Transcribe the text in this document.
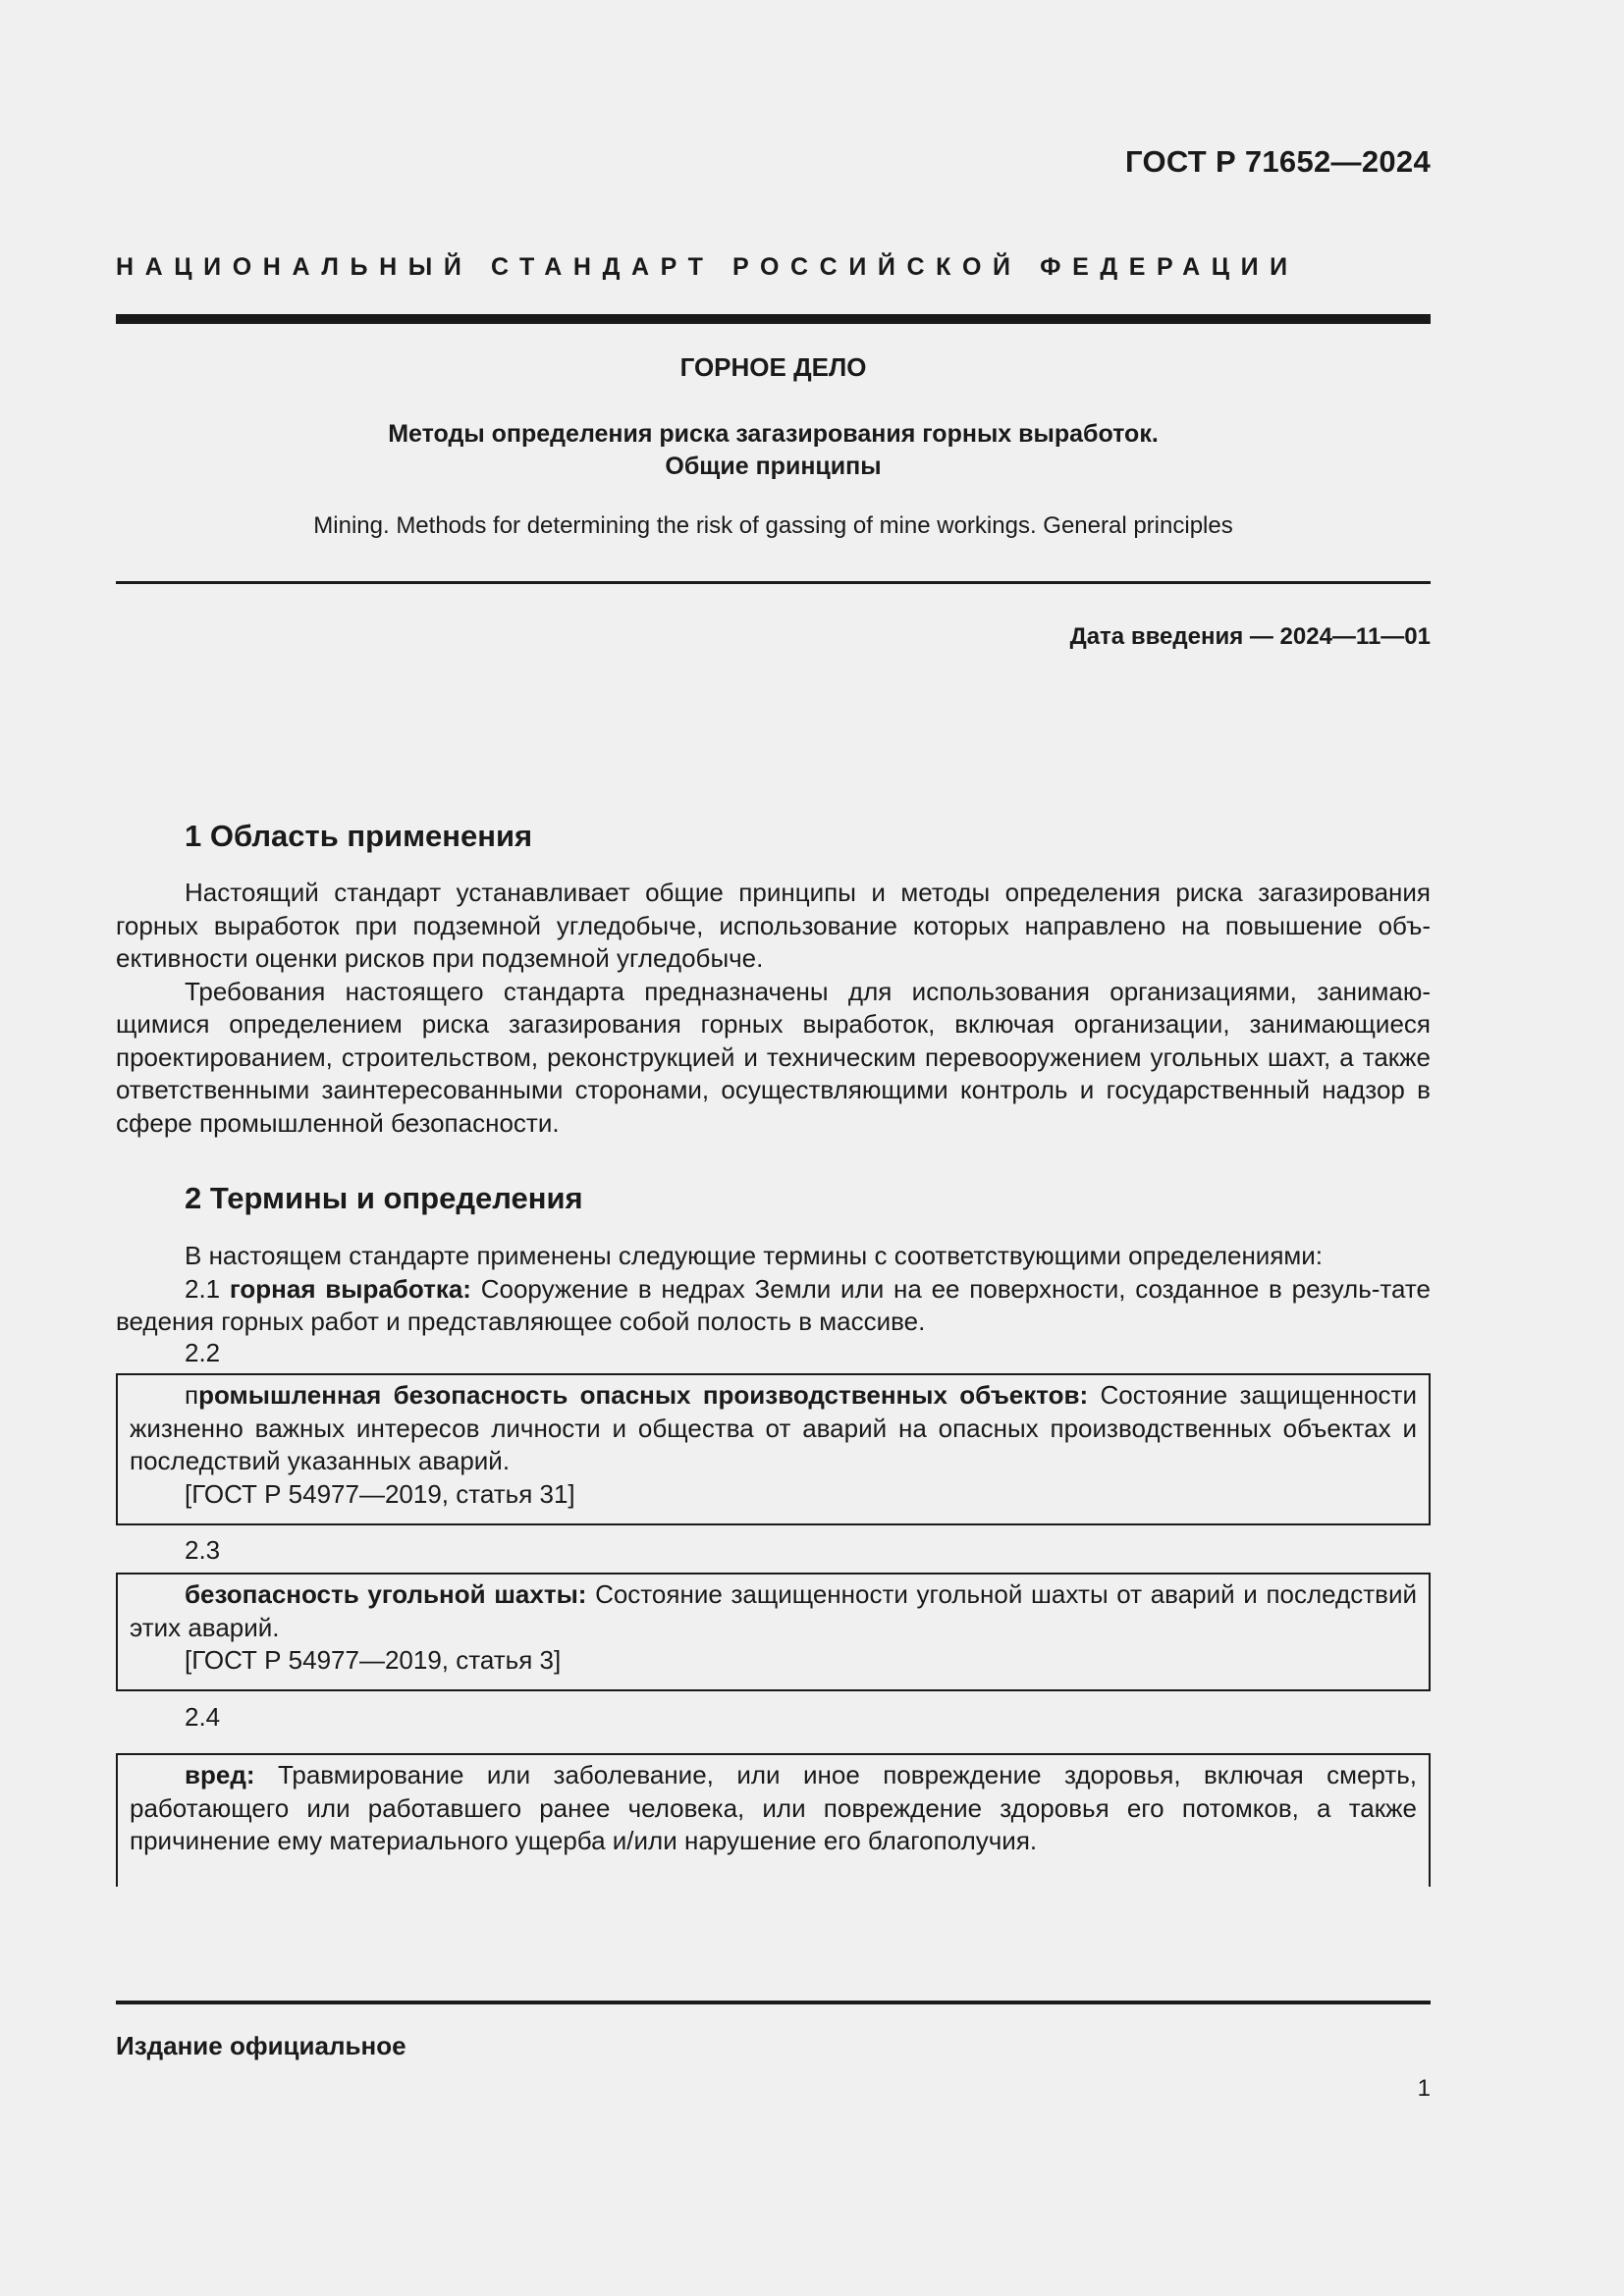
ГОСТ Р 71652—2024
НАЦИОНАЛЬНЫЙ СТАНДАРТ РОССИЙСКОЙ ФЕДЕРАЦИИ
ГОРНОЕ ДЕЛО
Методы определения риска загазирования горных выработок.
Общие принципы
Mining. Methods for determining the risk of gassing of mine workings. General principles
Дата введения — 2024—11—01
1 Область применения

Настоящий стандарт устанавливает общие принципы и методы определения риска загазирования горных выработок при подземной угледобыче, использование которых направлено на повышение объ-ективности оценки рисков при подземной угледобыче.

Требования настоящего стандарта предназначены для использования организациями, занимаю-щимися определением риска загазирования горных выработок, включая организации, занимающиеся проектированием, строительством, реконструкцией и техническим перевооружением угольных шахт, а также ответственными заинтересованными сторонами, осуществляющими контроль и государственный надзор в сфере промышленной безопасности.

2 Термины и определения

В настоящем стандарте применены следующие термины с соответствующими определениями:

2.1 горная выработка: Сооружение в недрах Земли или на ее поверхности, созданное в резуль-тате ведения горных работ и представляющее собой полость в массиве.

2.2

промышленная безопасность опасных производственных объектов: Состояние защищенности жизненно важных интересов личности и общества от аварий на опасных производственных объектах и последствий указанных аварий.

[ГОСТ Р 54977—2019, статья 31]

2.3

безопасность угольной шахты: Состояние защищенности угольной шахты от аварий и последствий этих аварий.

[ГОСТ Р 54977—2019, статья 3]

2.4

вред: Травмирование или заболевание, или иное повреждение здоровья, включая смерть, работающего или работавшего ранее человека, или повреждение здоровья его потомков, а также причинение ему материального ущерба и/или нарушение его благополучия.

Издание официальное
1
